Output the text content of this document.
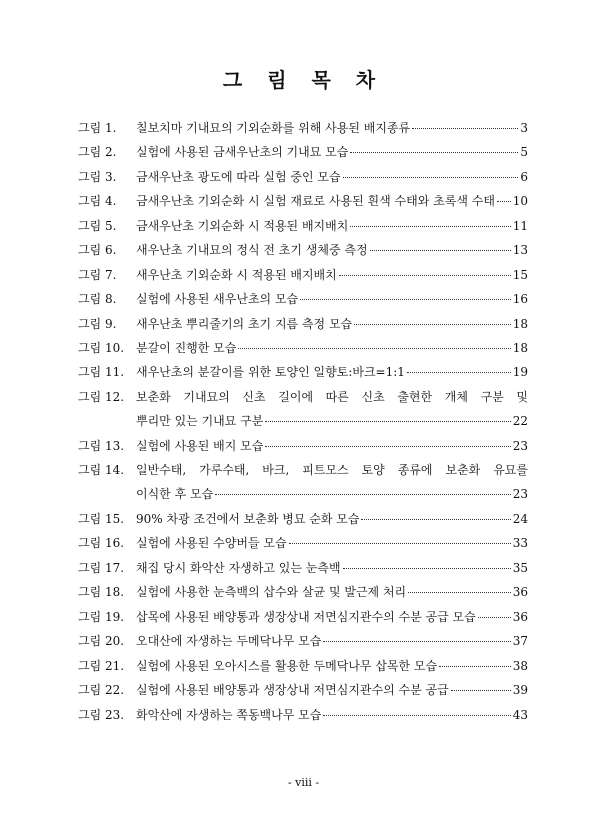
그 림 목 차
그림 1.	칠보치마 기내묘의 기외순화를 위해 사용된 배지종류	3
그림 2.	실험에 사용된 금새우난초의 기내묘 모습	5
그림 3.	금새우난초 광도에 따라 실험 중인 모습	6
그림 4.	금새우난초 기외순화 시 실험 재료로 사용된 흰색 수태와 초록색 수태 10
그림 5.	금새우난초 기외순화 시 적용된 배지배치	11
그림 6.	새우난초 기내묘의 정식 전 초기 생체중 측정	13
그림 7.	새우난초 기외순화 시 적용된 배지배치	15
그림 8.	실험에 사용된 새우난초의 모습	16
그림 9.	새우난초 뿌리줄기의 초기 지름 측정 모습	18
그림 10. 분갈이 진행한 모습	18
그림 11. 새우난초의 분갈이를 위한 토양인 일향토:바크=1:1	19
그림 12. 보춘화 기내묘의 신초 길이에 따른 신초 출현한 개체 구분 및
뿌리만 있는 기내묘 구분	22
그림 13. 실험에 사용된 배지 모습	23
그림 14. 일반수태, 가루수태, 바크, 피트모스 토양 종류에 보춘화 유묘를
이식한 후 모습	23
그림 15. 90% 차광 조건에서 보춘화 병묘 순화 모습	24
그림 16. 실험에 사용된 수양버들 모습	33
그림 17. 채집 당시 화악산 자생하고 있는 눈측백	35
그림 18. 실험에 사용한 눈측백의 삽수와 살균 및 발근제 처리	36
그림 19. 삽목에 사용된 배양통과 생장상내 저면심지관수의 수분 공급 모습	36
그림 20. 오대산에 자생하는 두메닥나무 모습	37
그림 21. 실험에 사용된 오아시스를 활용한 두메닥나무 삽목한 모습	38
그림 22. 실험에 사용된 배양통과 생장상내 저면심지관수의 수분 공급	39
그림 23. 화악산에 자생하는 쪽동백나무 모습	43
- viii -
